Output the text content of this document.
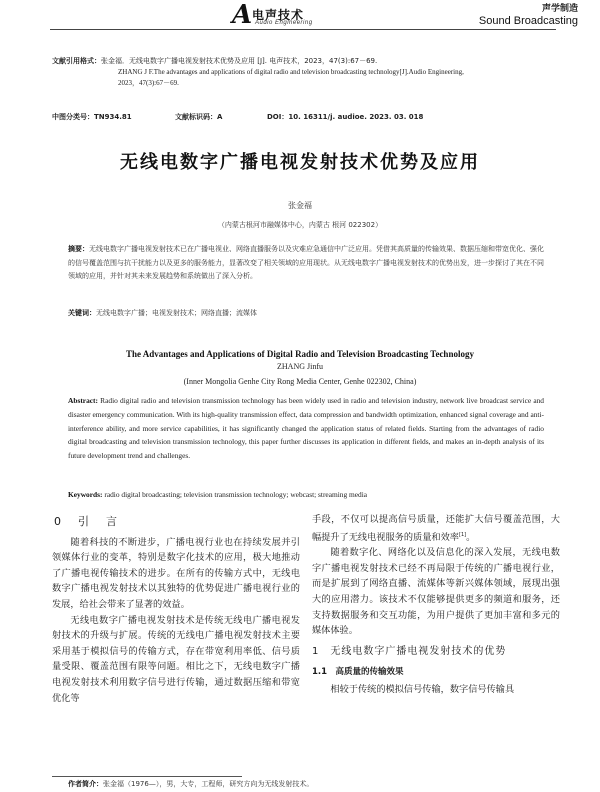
A 电声技术
Audio Engineering
声学制造
Sound Broadcasting
文献引用格式：张金福．无线电数字广播电视发射技术优势及应用 [J]. 电声技术，2023，47(3):67－69.
ZHANG J F.The advantages and applications of digital radio and television broadcasting technology[J].Audio Engineering,
2023，47(3):67－69.
中图分类号：TN934.81	文献标识码：A	DOI：10. 16311/j. audioe. 2023. 03. 018
无线电数字广播电视发射技术优势及应用
张金福
（内蒙古根河市融媒体中心，内蒙古 根河 022302）
摘要：无线电数字广播电视发射技术已在广播电视业、网络直播服务以及灾难应急通信中广泛应用。凭借其高质量的传输效果、数据压缩和带宽优化、强化的信号覆盖范围与抗干扰能力以及更多的服务能力，显著改变了相关领域的应用现状。从无线电数字广播电视发射技术的优势出发，进一步探讨了其在不同领域的应用，并针对其未来发展趋势和系统做出了深入分析。
关键词：无线电数字广播；电视发射技术；网络直播；流媒体
The Advantages and Applications of Digital Radio and Television Broadcasting Technology
ZHANG Jinfu
(Inner Mongolia Genhe City Rong Media Center, Genhe 022302, China)
Abstract: Radio digital radio and television transmission technology has been widely used in radio and television industry, network live broadcast service and disaster emergency communication. With its high-quality transmission effect, data compression and bandwidth optimization, enhanced signal coverage and anti-interference ability, and more service capabilities, it has significantly changed the application status of related fields. Starting from the advantages of radio digital broadcasting and television transmission technology, this paper further discusses its application in different fields, and makes an in-depth analysis of its future development trend and challenges.
Keywords: radio digital broadcasting; television transmission technology; webcast; streaming media
0　引　言

随着科技的不断进步，广播电视行业也在持续发展并引领媒体行业的变革，特别是数字化技术的应用，极大地推动了广播电视传输技术的进步。在所有的传输方式中，无线电数字广播电视发射技术以其独特的优势促进广播电视行业的发展，给社会带来了显著的效益。

无线电数字广播电视发射技术是传统无线电广播电视发射技术的升级与扩展。传统的无线电广播电视发射技术主要采用基于模拟信号的传输方式，存在带宽利用率低、信号质量受限、覆盖范围有限等问题。相比之下，无线电数字广播电视发射技术利用数字信号进行传输，通过数据压缩和带宽优化等

手段，不仅可以提高信号质量，还能扩大信号覆盖范围，大幅提升了无线电视服务的质量和效率[1]。

随着数字化、网络化以及信息化的深入发展，无线电数字广播电视发射技术已经不再局限于传统的广播电视行业，而是扩展到了网络直播、流媒体等新兴媒体领域，展现出强大的应用潜力。该技术不仅能够提供更多的频道和服务，还支持数据服务和交互功能，为用户提供了更加丰富和多元的媒体体验。

1　无线电数字广播电视发射技术的优势
1.1　高质量的传输效果

相较于传统的模拟信号传输，数字信号传输具

作者简介：张金福（1976—），男，大专，工程师，研究方向为无线发射技术。
